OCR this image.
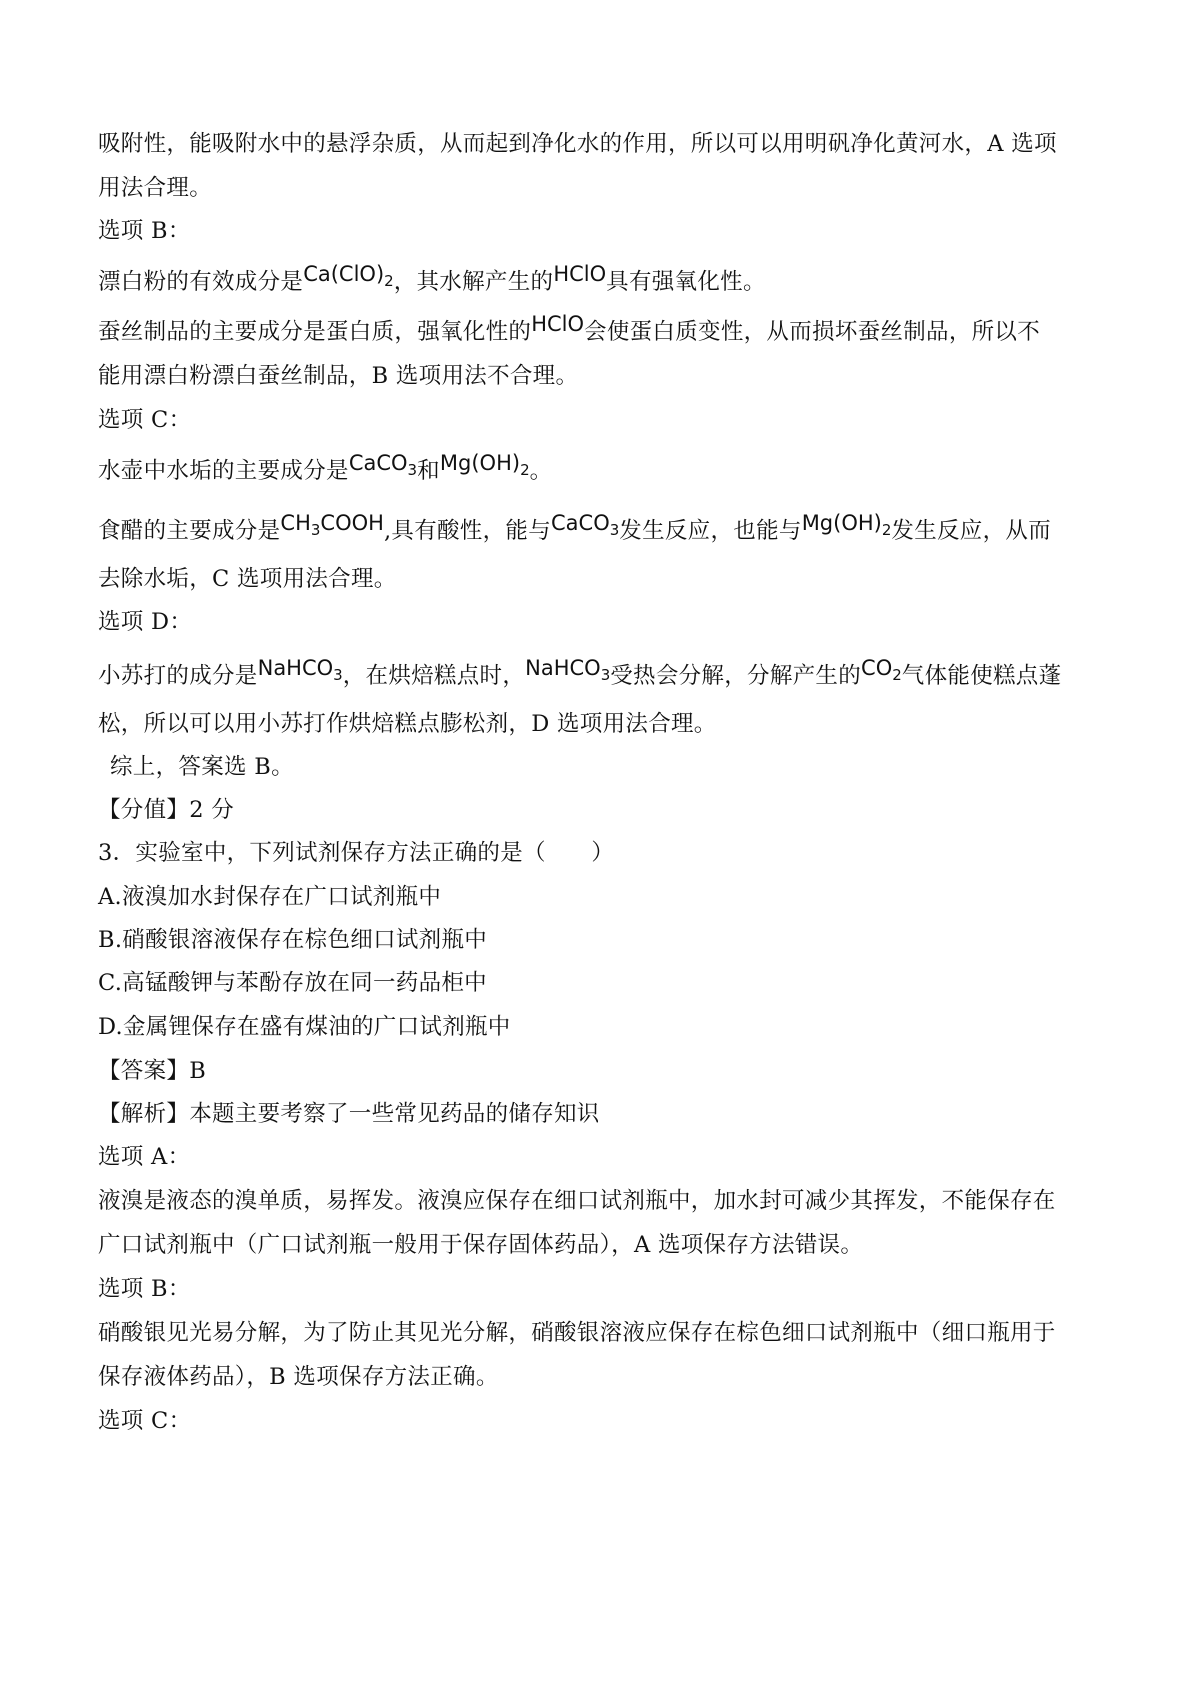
吸附性，能吸附水中的悬浮杂质，从而起到净化水的作用，所以可以用明矾净化黄河水，A 选项
用法合理。
选项 B：
漂白粉的有效成分是$Ca(ClO)_2$，其水解产生的HClO具有强氧化性。
蚕丝制品的主要成分是蛋白质，强氧化性的HClO会使蛋白质变性，从而损坏蚕丝制品，所以不
能用漂白粉漂白蚕丝制品，B 选项用法不合理。
选项 C：
水壶中水垢的主要成分是CaCO$_3$和$Mg(OH)_2$。
食醋的主要成分是$CH_3COOH$,具有酸性，能与CaCO$_3$发生反应，也能与$Mg(OH)_2$发生反应，从而
去除水垢，C 选项用法合理。
选项 D：
小苏打的成分是NaHCO$_3$，在烘焙糕点时，NaHCO$_3$受热会分解，分解产生的$CO_2$气体能使糕点蓬
松，所以可以用小苏打作烘焙糕点膨松剂，D 选项用法合理。
综上，答案选 B。
【分值】2 分
3．实验室中，下列试剂保存方法正确的是（　　）
A.液溴加水封保存在广口试剂瓶中
B.硝酸银溶液保存在棕色细口试剂瓶中
C.高锰酸钾与苯酚存放在同一药品柜中
D.金属锂保存在盛有煤油的广口试剂瓶中
【答案】B
【解析】本题主要考察了一些常见药品的储存知识
选项 A：
液溴是液态的溴单质，易挥发。液溴应保存在细口试剂瓶中，加水封可减少其挥发，不能保存在
广口试剂瓶中（广口试剂瓶一般用于保存固体药品），A 选项保存方法错误。
选项 B：
硝酸银见光易分解，为了防止其见光分解，硝酸银溶液应保存在棕色细口试剂瓶中（细口瓶用于
保存液体药品），B 选项保存方法正确。
选项 C：
